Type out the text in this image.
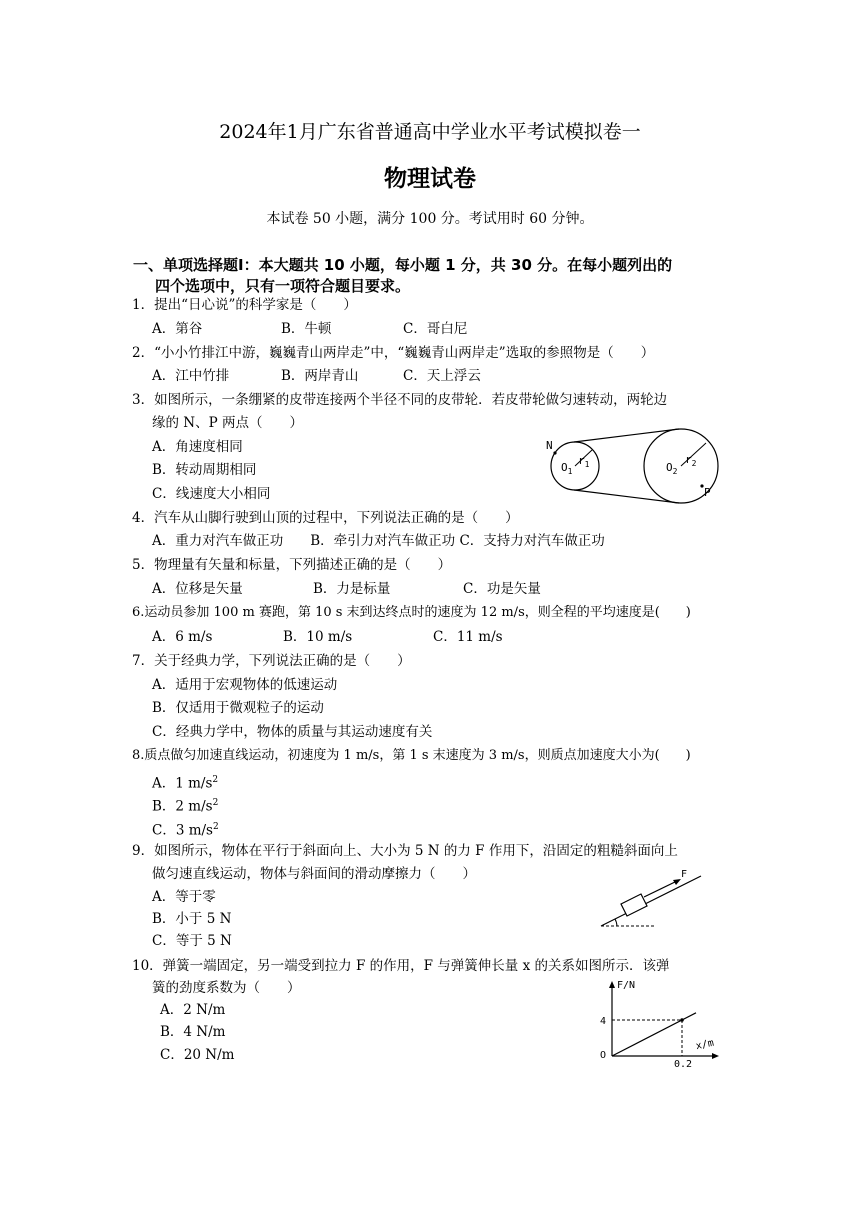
2024年1月广东省普通高中学业水平考试模拟卷一
物理试卷
本试卷 50 小题，满分 100 分。考试用时 60 分钟。
一、单项选择题I：本大题共 10 小题，每小题 1 分，共 30 分。在每小题列出的
四个选项中，只有一项符合题目要求。
1．提出“日心说”的科学家是（　　）
A．第谷	B．牛顿	C．哥白尼
2．“小小竹排江中游，巍巍青山两岸走”中，“巍巍青山两岸走”选取的参照物是（　　）
A．江中竹排	B．两岸青山	C．天上浮云
3．如图所示，一条绷紧的皮带连接两个半径不同的皮带轮．若皮带轮做匀速转动，两轮边
缘的 N、P 两点（　　）
A．角速度相同
B．转动周期相同
C．线速度大小相同
N
P
$O_1$
$r_1$	$O_2$
$r_2$
4．汽车从山脚行驶到山顶的过程中，下列说法正确的是（　　）
A．重力对汽车做正功　　B．牵引力对汽车做正功 C．支持力对汽车做正功
5．物理量有矢量和标量，下列描述正确的是（　　）
A．位移是矢量	B．力是标量	C．功是矢量
6.运动员参加 100 m 赛跑，第 10 s 末到达终点时的速度为 12 m/s，则全程的平均速度是(　　)
A．6 m/s	B．10 m/s	C．11 m/s
7．关于经典力学，下列说法正确的是（　　）
A．适用于宏观物体的低速运动
B．仅适用于微观粒子的运动
C．经典力学中，物体的质量与其运动速度有关
8.质点做匀加速直线运动，初速度为 1 m/s，第 1 s 末速度为 3 m/s，则质点加速度大小为(　　)
A．1 $m/s^2$
B．2 $m/s^2$
C．3 $m/s^2$
9．如图所示，物体在平行于斜面向上、大小为 5 N 的力 F 作用下，沿固定的粗糙斜面向上
做匀速直线运动，物体与斜面间的滑动摩擦力（　　）
A．等于零
B．小于 5 N
C．等于 5 N
F
10．弹簧一端固定，另一端受到拉力 F 的作用，F 与弹簧伸长量 x 的关系如图所示．该弹
簧的劲度系数为（　　）
A．2 N/m
B．4 N/m
C．20 N/m
F/N
x/m
O
4
0.2
